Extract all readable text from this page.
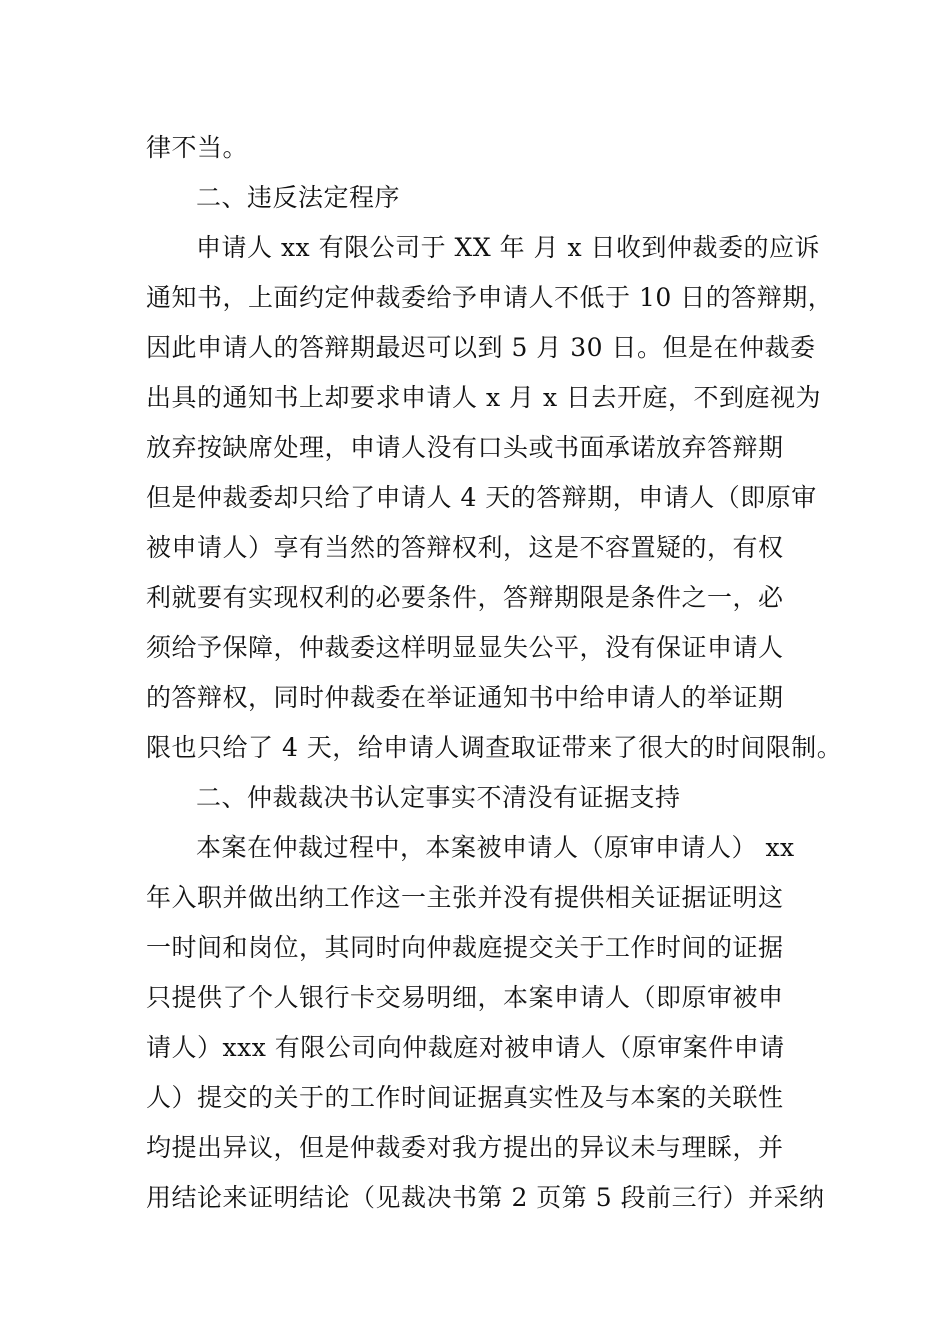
律不当。
二、违反法定程序
申请人 xx 有限公司于 XX 年 月 x 日收到仲裁委的应诉
通知书，上面约定仲裁委给予申请人不低于 10 日的答辩期，
因此申请人的答辩期最迟可以到 5 月 30 日。但是在仲裁委
出具的通知书上却要求申请人 x 月 x 日去开庭，不到庭视为
放弃按缺席处理，申请人没有口头或书面承诺放弃答辩期
但是仲裁委却只给了申请人 4 天的答辩期，申请人（即原审
被申请人）享有当然的答辩权利，这是不容置疑的，有权
利就要有实现权利的必要条件，答辩期限是条件之一，必
须给予保障，仲裁委这样明显显失公平，没有保证申请人
的答辩权，同时仲裁委在举证通知书中给申请人的举证期
限也只给了 4 天，给申请人调查取证带来了很大的时间限制。
二、仲裁裁决书认定事实不清没有证据支持
本案在仲裁过程中，本案被申请人（原审申请人） xx
年入职并做出纳工作这一主张并没有提供相关证据证明这
一时间和岗位，其同时向仲裁庭提交关于工作时间的证据
只提供了个人银行卡交易明细，本案申请人（即原审被申
请人）xxx 有限公司向仲裁庭对被申请人（原审案件申请
人）提交的关于的工作时间证据真实性及与本案的关联性
均提出异议，但是仲裁委对我方提出的异议未与理睬，并
用结论来证明结论（见裁决书第 2 页第 5 段前三行）并采纳
